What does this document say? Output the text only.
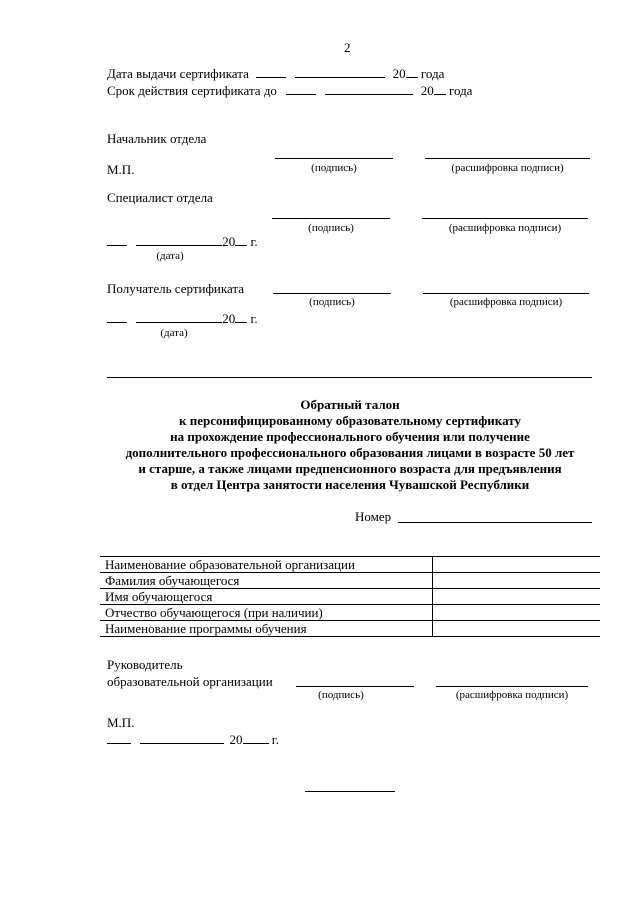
2
Дата выдачи сертификата	20 года
Срок действия сертификата до	20 года
Начальник отдела
М.П.	(подпись)	(расшифровка подписи)
Специалист отдела
(подпись)	(расшифровка подписи)
20 г.
(дата)
Получатель сертификата
(подпись)	(расшифровка подписи)
20 г.
(дата)
Обратный талон
к персонифицированному образовательному сертификату
на прохождение профессионального обучения или получение
дополнительного профессионального образования лицами в возрасте 50 лет
и старше, а также лицами предпенсионного возраста для предъявления
в отдел Центра занятости населения Чувашской Республики
Номер
Наименование образовательной организации	
Фамилия обучающегося	
Имя обучающегося	
Отчество обучающегося (при наличии)	
Наименование программы обучения	
Руководитель
образовательной организации
(подпись)	(расшифровка подписи)
М.П.
20 г.
